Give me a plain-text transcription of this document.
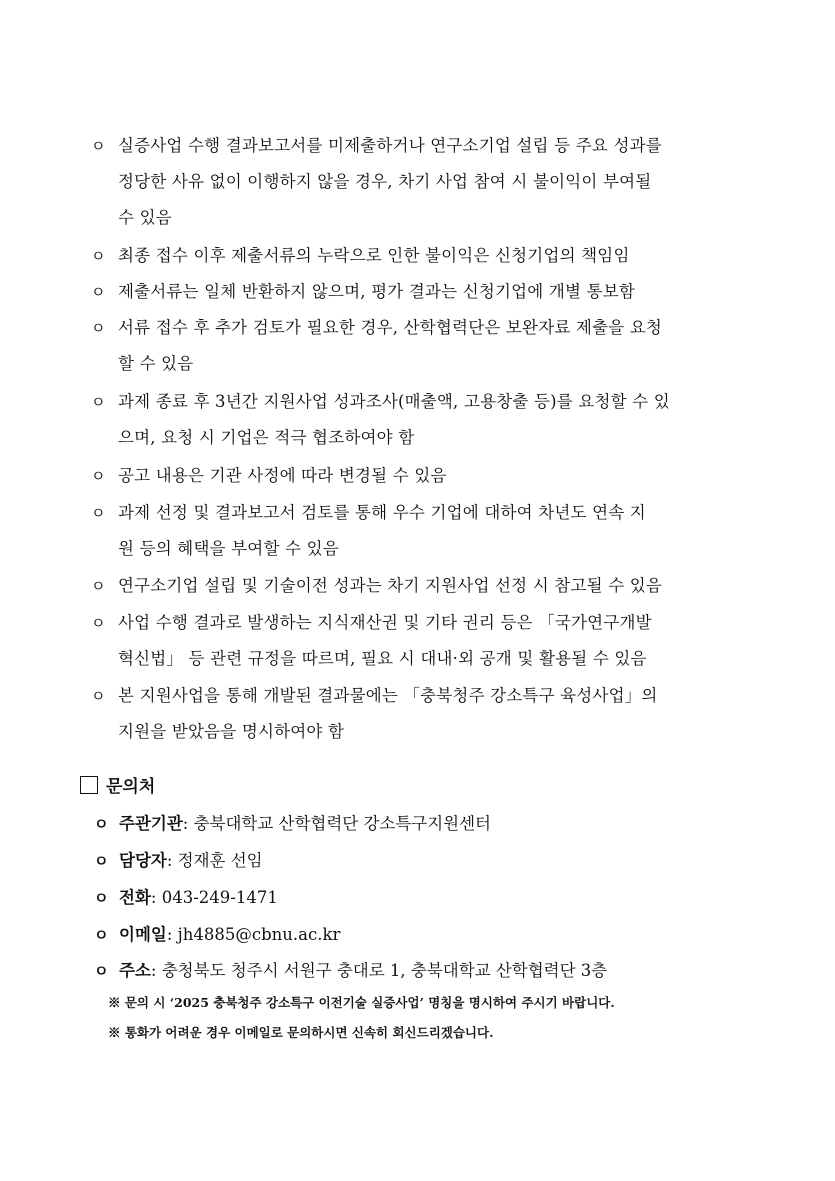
ㅇ 실증사업 수행 결과보고서를 미제출하거나 연구소기업 설립 등 주요 성과를
정당한 사유 없이 이행하지 않을 경우, 차기 사업 참여 시 불이익이 부여될
수 있음
ㅇ 최종 접수 이후 제출서류의 누락으로 인한 불이익은 신청기업의 책임임
ㅇ 제출서류는 일체 반환하지 않으며, 평가 결과는 신청기업에 개별 통보함
ㅇ 서류 접수 후 추가 검토가 필요한 경우, 산학협력단은 보완자료 제출을 요청
할 수 있음
ㅇ 과제 종료 후 3년간 지원사업 성과조사(매출액, 고용창출 등)를 요청할 수 있
으며, 요청 시 기업은 적극 협조하여야 함
ㅇ 공고 내용은 기관 사정에 따라 변경될 수 있음
ㅇ 과제 선정 및 결과보고서 검토를 통해 우수 기업에 대하여 차년도 연속 지
원 등의 혜택을 부여할 수 있음
ㅇ 연구소기업 설립 및 기술이전 성과는 차기 지원사업 선정 시 참고될 수 있음
ㅇ 사업 수행 결과로 발생하는 지식재산권 및 기타 권리 등은 「국가연구개발
혁신법」 등 관련 규정을 따르며, 필요 시 대내·외 공개 및 활용될 수 있음
ㅇ 본 지원사업을 통해 개발된 결과물에는 「충북청주 강소특구 육성사업」의
지원을 받았음을 명시하여야 함
문의처
ㅇ 주관기관: 충북대학교 산학협력단 강소특구지원센터
ㅇ 담당자: 정재훈 선임
ㅇ 전화: 043-249-1471
ㅇ 이메일: jh4885@cbnu.ac.kr
ㅇ 주소: 충청북도 청주시 서원구 충대로 1, 충북대학교 산학협력단 3층
※ 문의 시 ‘2025 충북청주 강소특구 이전기술 실증사업’ 명칭을 명시하여 주시기 바랍니다.
※ 통화가 어려운 경우 이메일로 문의하시면 신속히 회신드리겠습니다.
